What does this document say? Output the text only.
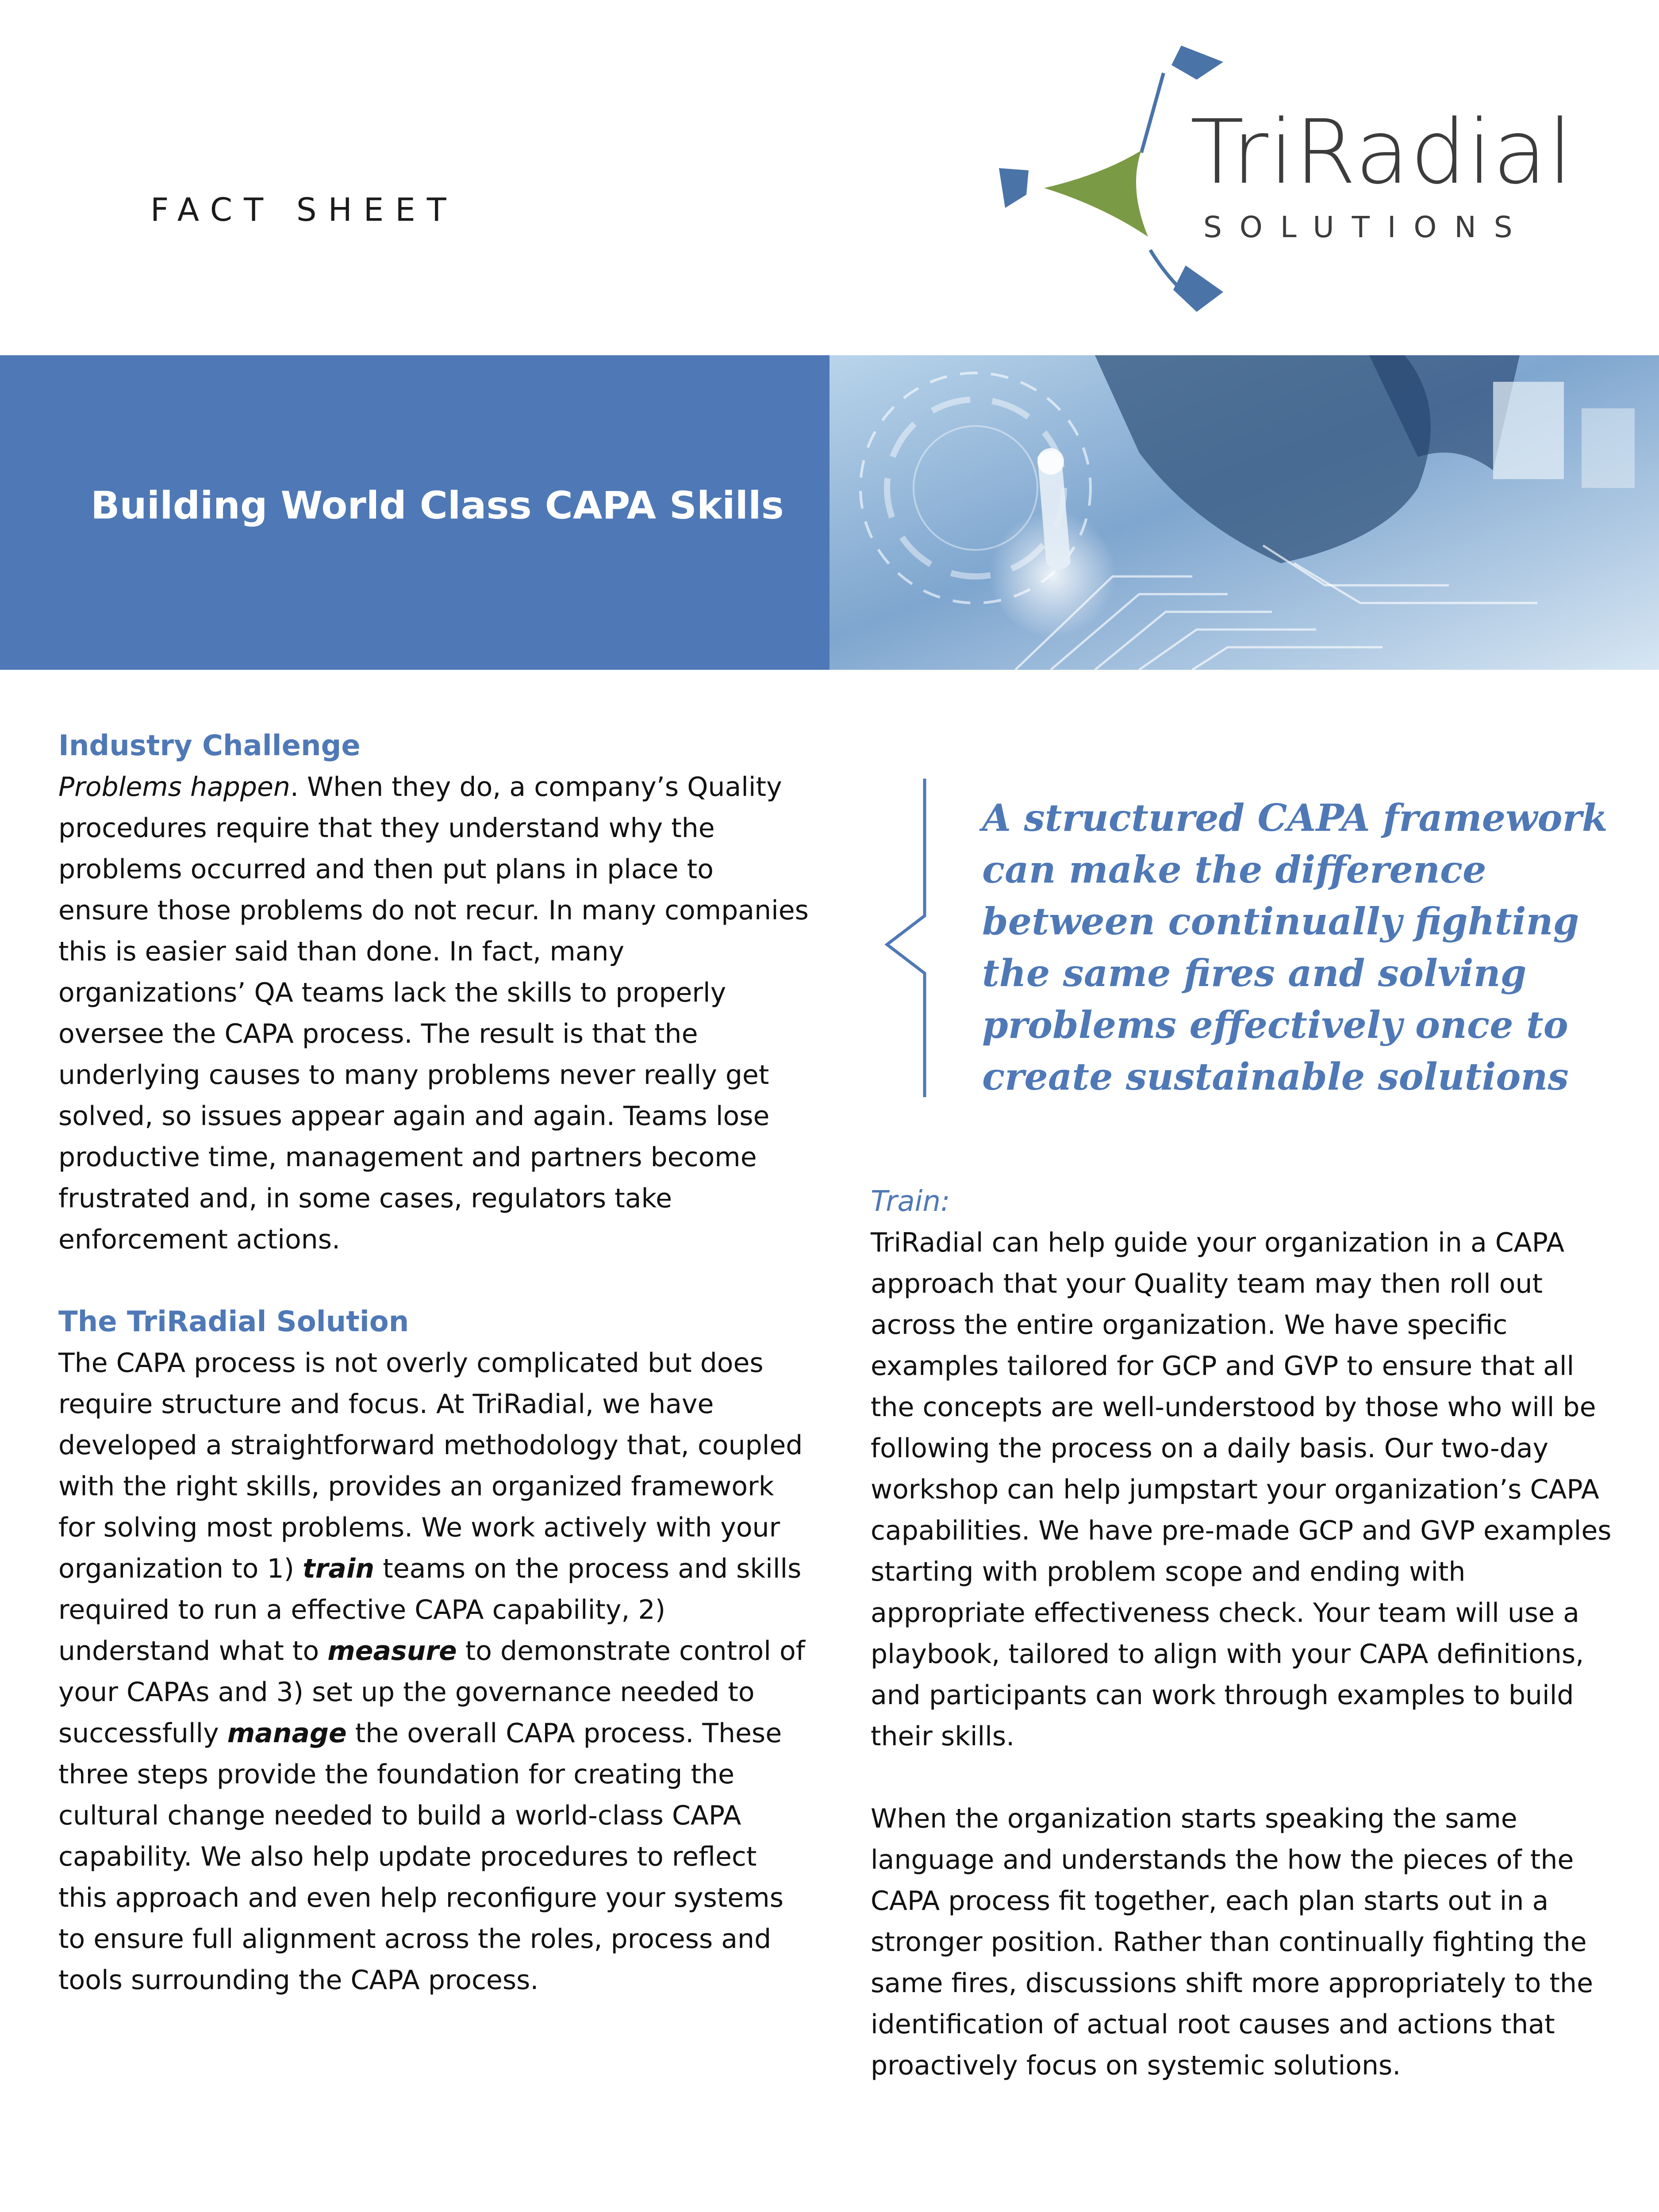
FACT SHEET
TriRadial
SOLUTIONS
Building World Class CAPA Skills

Industry Challenge

Problems happen. When they do, a company’s Quality procedures require that they understand why the problems occurred and then put plans in place to ensure those problems do not recur. In many companies this is easier said than done. In fact, many organizations’ QA teams lack the skills to properly oversee the CAPA process. The result is that the underlying causes to many problems never really get solved, so issues appear again and again. Teams lose productive time, management and partners become frustrated and, in some cases, regulators take enforcement actions.

The TriRadial Solution

The CAPA process is not overly complicated but does require structure and focus. At TriRadial, we have developed a straightforward methodology that, coupled with the right skills, provides an organized framework for solving most problems. We work actively with your organization to 1) train teams on the process and skills required to run a effective CAPA capability, 2) understand what to measure to demonstrate control of your CAPAs and 3) set up the governance needed to successfully manage the overall CAPA process. These three steps provide the foundation for creating the cultural change needed to build a world-class CAPA capability. We also help update procedures to reflect this approach and even help reconfigure your systems to ensure full alignment across the roles, process and tools surrounding the CAPA process.

A structured CAPA framework can make the difference between continually fighting the same fires and solving problems effectively once to create sustainable solutions

Train:

TriRadial can help guide your organization in a CAPA approach that your Quality team may then roll out across the entire organization. We have specific examples tailored for GCP and GVP to ensure that all the concepts are well-understood by those who will be following the process on a daily basis. Our two-day workshop can help jumpstart your organization’s CAPA capabilities. We have pre-made GCP and GVP examples starting with problem scope and ending with appropriate effectiveness check. Your team will use a playbook, tailored to align with your CAPA definitions, and participants can work through examples to build their skills.

When the organization starts speaking the same language and understands the how the pieces of the CAPA process fit together, each plan starts out in a stronger position. Rather than continually fighting the same fires, discussions shift more appropriately to the identification of actual root causes and actions that proactively focus on systemic solutions.
